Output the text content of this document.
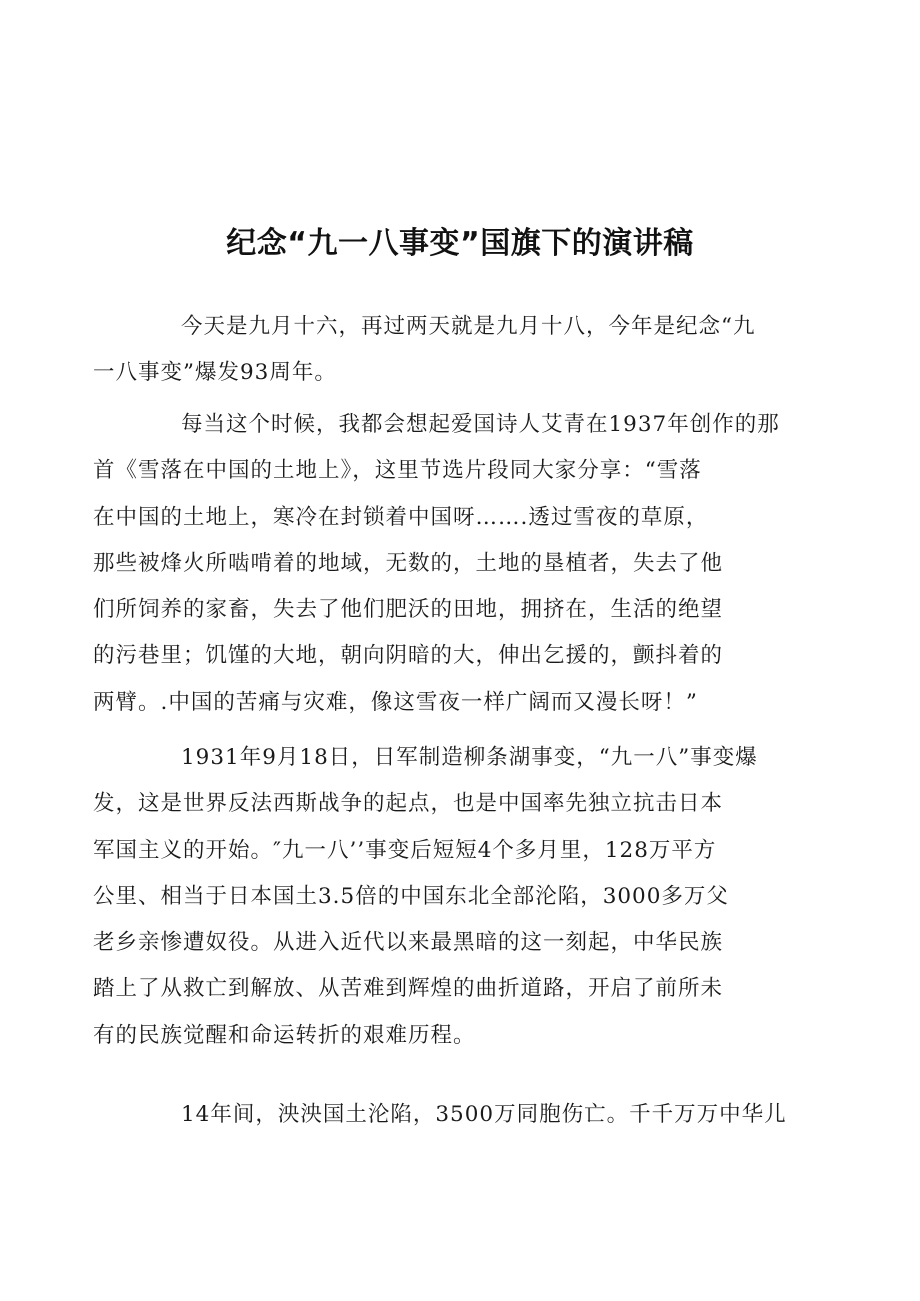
纪念“九一八事变”国旗下的演讲稿
今天是九月十六，再过两天就是九月十八，今年是纪念“九
一八事变”爆发93周年。
每当这个时候，我都会想起爱国诗人艾青在1937年创作的那
首《雪落在中国的土地上》，这里节选片段同大家分享：“雪落
在中国的土地上，寒冷在封锁着中国呀…….透过雪夜的草原，
那些被烽火所啮啃着的地域，无数的，土地的垦植者，失去了他
们所饲养的家畜，失去了他们肥沃的田地，拥挤在，生活的绝望
的污巷里；饥馑的大地，朝向阴暗的大，伸出乞援的，颤抖着的
两臂。.中国的苦痛与灾难，像这雪夜一样广阔而又漫长呀！”
1931年9月18日，日军制造柳条湖事变，“九一八”事变爆
发，这是世界反法西斯战争的起点，也是中国率先独立抗击日本
军国主义的开始。″九一八’’事变后短短4个多月里，128万平方
公里、相当于日本国土3.5倍的中国东北全部沦陷，3000多万父
老乡亲惨遭奴役。从进入近代以来最黑暗的这一刻起，中华民族
踏上了从救亡到解放、从苦难到辉煌的曲折道路，开启了前所未
有的民族觉醒和命运转折的艰难历程。
14年间，泱泱国土沦陷，3500万同胞伤亡。千千万万中华儿
